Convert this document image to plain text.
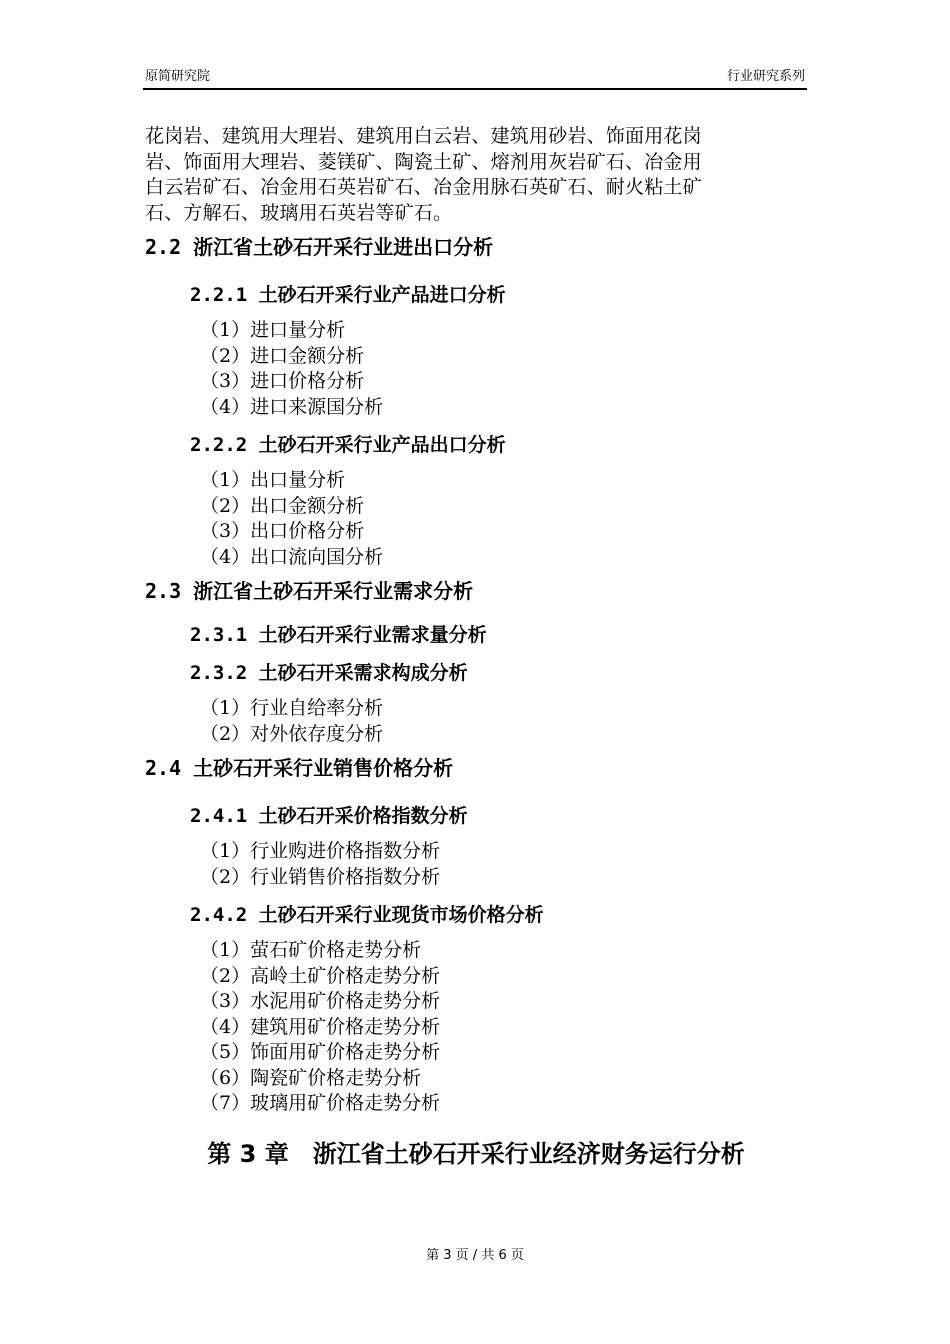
原简研究院	行业研究系列
花岗岩、建筑用大理岩、建筑用白云岩、建筑用砂岩、饰面用花岗
岩、饰面用大理岩、菱镁矿、陶瓷土矿、熔剂用灰岩矿石、冶金用
白云岩矿石、冶金用石英岩矿石、冶金用脉石英矿石、耐火粘土矿
石、方解石、玻璃用石英岩等矿石。
2.2 浙江省土砂石开采行业进出口分析
2.2.1 土砂石开采行业产品进口分析
（1）进口量分析
（2）进口金额分析
（3）进口价格分析
（4）进口来源国分析
2.2.2 土砂石开采行业产品出口分析
（1）出口量分析
（2）出口金额分析
（3）出口价格分析
（4）出口流向国分析
2.3 浙江省土砂石开采行业需求分析
2.3.1 土砂石开采行业需求量分析
2.3.2 土砂石开采需求构成分析
（1）行业自给率分析
（2）对外依存度分析
2.4 土砂石开采行业销售价格分析
2.4.1 土砂石开采价格指数分析
（1）行业购进价格指数分析
（2）行业销售价格指数分析
2.4.2 土砂石开采行业现货市场价格分析
（1）萤石矿价格走势分析
（2）高岭土矿价格走势分析
（3）水泥用矿价格走势分析
（4）建筑用矿价格走势分析
（5）饰面用矿价格走势分析
（6）陶瓷矿价格走势分析
（7）玻璃用矿价格走势分析
第 3 章　浙江省土砂石开采行业经济财务运行分析
第 3 页 / 共 6 页
